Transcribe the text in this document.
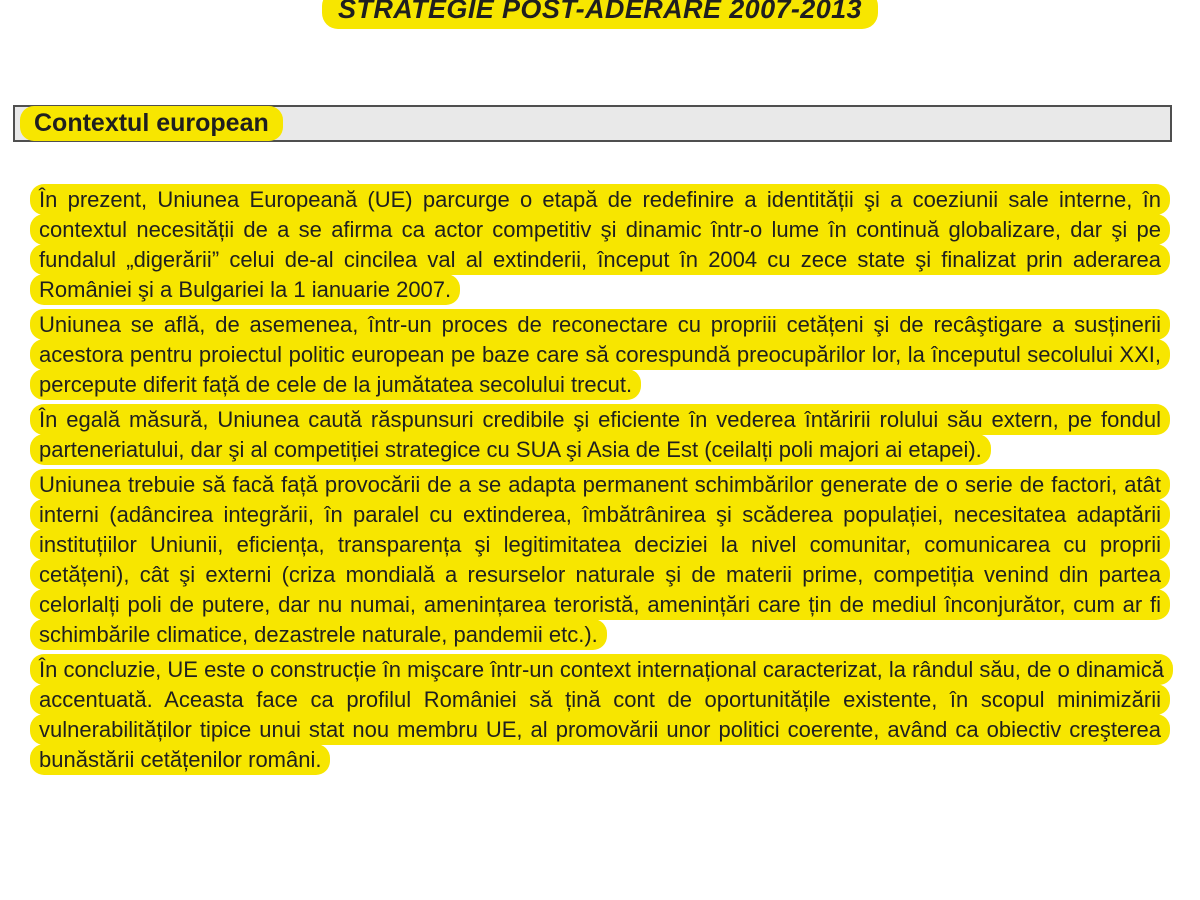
STRATEGIE POST-ADERARE 2007-2013
Contextul european

În prezent, Uniunea Europeană (UE) parcurge o etapă de redefinire a identității şi a coeziunii sale interne, în contextul necesității de a se afirma ca actor competitiv şi dinamic într-o lume în continuă globalizare, dar şi pe fundalul „digerării” celui de-al cincilea val al extinderii, început în 2004 cu zece state şi finalizat prin aderarea României şi a Bulgariei la 1 ianuarie 2007.

Uniunea se află, de asemenea, într-un proces de reconectare cu propriii cetățeni şi de recâştigare a susținerii acestora pentru proiectul politic european pe baze care să corespundă preocupărilor lor, la începutul secolului XXI, percepute diferit față de cele de la jumătatea secolului trecut.

În egală măsură, Uniunea caută răspunsuri credibile şi eficiente în vederea întăririi rolului său extern, pe fondul parteneriatului, dar şi al competiției strategice cu SUA şi Asia de Est (ceilalți poli majori ai etapei).

Uniunea trebuie să facă față provocării de a se adapta permanent schimbărilor generate de o serie de factori, atât interni (adâncirea integrării, în paralel cu extinderea, îmbătrânirea şi scăderea populației, necesitatea adaptării instituțiilor Uniunii, eficiența, transparența şi legitimitatea deciziei la nivel comunitar, comunicarea cu proprii cetățeni), cât şi externi (criza mondială a resurselor naturale şi de materii prime, competiția venind din partea celorlalți poli de putere, dar nu numai, amenințarea teroristă, amenințări care țin de mediul înconjurător, cum ar fi schimbările climatice, dezastrele naturale, pandemii etc.).

În concluzie, UE este o construcție în mişcare într-un context internațional caracterizat, la rândul său, de o dinamică accentuată. Aceasta face ca profilul României să țină cont de oportunitățile existente, în scopul minimizării vulnerabilităților tipice unui stat nou membru UE, al promovării unor politici coerente, având ca obiectiv creşterea bunăstării cetățenilor români.
